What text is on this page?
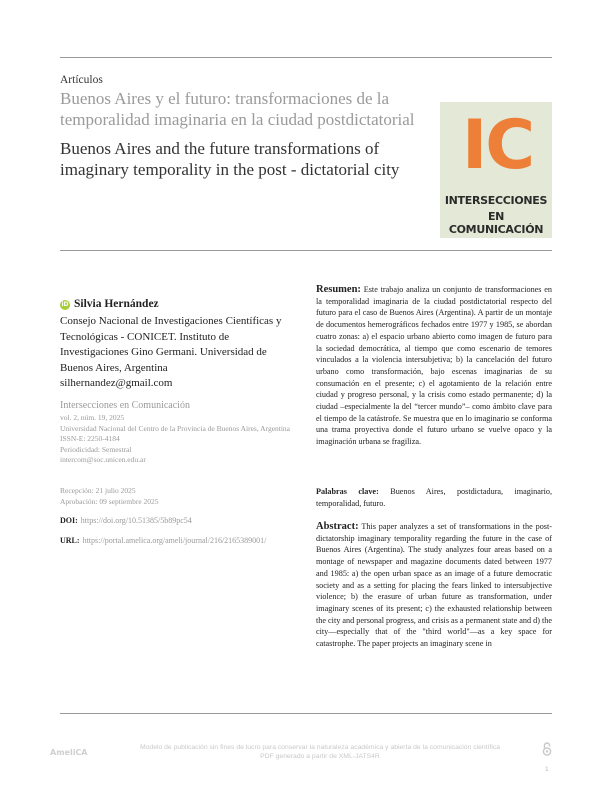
Artículos
Buenos Aires y el futuro: transformaciones de la temporalidad imaginaria en la ciudad postdictatorial
Buenos Aires and the future transformations of imaginary temporality in the post - dictatorial city IC
INTERSECCIONES
EN COMUNICACIÓN
iD Silvia Hernández
Consejo Nacional de Investigaciones Científicas y Tecnológicas - CONICET. Instituto de Investigaciones Gino Germani. Universidad de Buenos Aires, Argentina
silhernandez@gmail.com
Intersecciones en Comunicación
vol. 2, núm. 19, 2025
Universidad Nacional del Centro de la Provincia de Buenos Aires, Argentina
ISSN-E: 2250-4184
Periodicidad: Semestral
intercom@soc.unicen.edu.ar
Recepción: 21 julio 2025
Aprobación: 09 septiembre 2025
DOI: https://doi.org/10.51385/5b89pc54
URL: https://portal.amelica.org/ameli/journal/216/2165389001/
Resumen: Este trabajo analiza un conjunto de transformaciones en la temporalidad imaginaria de la ciudad postdictatorial respecto del futuro para el caso de Buenos Aires (Argentina). A partir de un montaje de documentos hemerográficos fechados entre 1977 y 1985, se abordan cuatro zonas: a) el espacio urbano abierto como imagen de futuro para la sociedad democrática, al tiempo que como escenario de temores vinculados a la violencia intersubjetiva; b) la cancelación del futuro urbano como transformación, bajo escenas imaginarias de su consumación en el presente; c) el agotamiento de la relación entre ciudad y progreso personal, y la crisis como estado permanente; d) la ciudad –especialmente la del “tercer mundo”– como ámbito clave para el tiempo de la catástrofe. Se muestra que en lo imaginario se conforma una trama proyectiva donde el futuro urbano se vuelve opaco y la imaginación urbana se fragiliza.
Palabras clave: Buenos Aires, postdictadura, imaginario, temporalidad, futuro.
Abstract: This paper analyzes a set of transformations in the post-dictatorship imaginary temporality regarding the future in the case of Buenos Aires (Argentina). The study analyzes four areas based on a montage of newspaper and magazine documents dated between 1977 and 1985: a) the open urban space as an image of a future democratic society and as a setting for placing the fears linked to intersubjective violence; b) the erasure of urban future as transformation, under imaginary scenes of its present; c) the exhausted relationship between the city and personal progress, and crisis as a permanent state and d) the city—especially that of the "third world"—as a key space for catastrophe. The paper projects an imaginary scene in
AmeliCA
Modelo de publicación sin fines de lucro para conservar la naturaleza académica y abierta de la comunicación científica
PDF generado a partir de XML-JATS4R
1
